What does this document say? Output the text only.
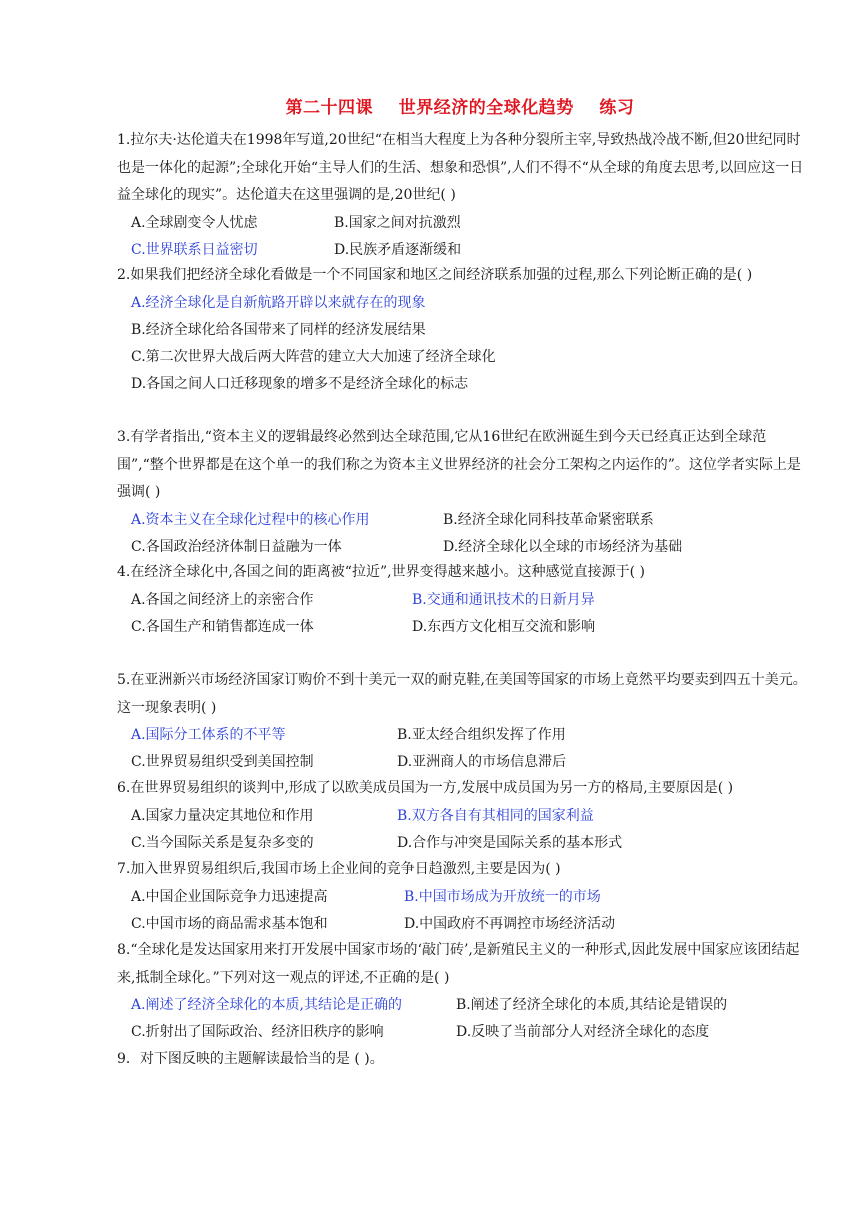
第二十四课    世界经济的全球化趋势    练习

1.拉尔夫·达伦道夫在1998年写道,20世纪“在相当大程度上为各种分裂所主宰,导致热战冷战不断,但20世纪同时也是一体化的起源”;全球化开始“主导人们的生活、想象和恐惧”,人们不得不“从全球的角度去思考,以回应这一日益全球化的现实”。达伦道夫在这里强调的是,20世纪( )

A.全球剧变令人忧虑	B.国家之间对抗激烈
C.世界联系日益密切	D.民族矛盾逐渐缓和

2.如果我们把经济全球化看做是一个不同国家和地区之间经济联系加强的过程,那么下列论断正确的是( )

A.经济全球化是自新航路开辟以来就存在的现象
B.经济全球化给各国带来了同样的经济发展结果
C.第二次世界大战后两大阵营的建立大大加速了经济全球化
D.各国之间人口迁移现象的增多不是经济全球化的标志

3.有学者指出,“资本主义的逻辑最终必然到达全球范围,它从16世纪在欧洲诞生到今天已经真正达到全球范围”,“整个世界都是在这个单一的我们称之为资本主义世界经济的社会分工架构之内运作的”。这位学者实际上是强调( )

A.资本主义在全球化过程中的核心作用	B.经济全球化同科技革命紧密联系
C.各国政治经济体制日益融为一体	D.经济全球化以全球的市场经济为基础

4.在经济全球化中,各国之间的距离被“拉近”,世界变得越来越小。这种感觉直接源于( )

A.各国之间经济上的亲密合作	B.交通和通讯技术的日新月异
C.各国生产和销售都连成一体	D.东西方文化相互交流和影响

5.在亚洲新兴市场经济国家订购价不到十美元一双的耐克鞋,在美国等国家的市场上竟然平均要卖到四五十美元。这一现象表明( )

A.国际分工体系的不平等	B.亚太经合组织发挥了作用
C.世界贸易组织受到美国控制	D.亚洲商人的市场信息滞后

6.在世界贸易组织的谈判中,形成了以欧美成员国为一方,发展中成员国为另一方的格局,主要原因是( )

A.国家力量决定其地位和作用	B.双方各自有其相同的国家利益
C.当今国际关系是复杂多变的	D.合作与冲突是国际关系的基本形式

7.加入世界贸易组织后,我国市场上企业间的竞争日趋激烈,主要是因为( )

A.中国企业国际竞争力迅速提高	B.中国市场成为开放统一的市场
C.中国市场的商品需求基本饱和	D.中国政府不再调控市场经济活动

8.“全球化是发达国家用来打开发展中国家市场的‘敲门砖’,是新殖民主义的一种形式,因此发展中国家应该团结起来,抵制全球化。”下列对这一观点的评述,不正确的是( )

A.阐述了经济全球化的本质,其结论是正确的	B.阐述了经济全球化的本质,其结论是错误的
C.折射出了国际政治、经济旧秩序的影响	D.反映了当前部分人对经济全球化的态度

9．对下图反映的主题解读最恰当的是 ( )。
